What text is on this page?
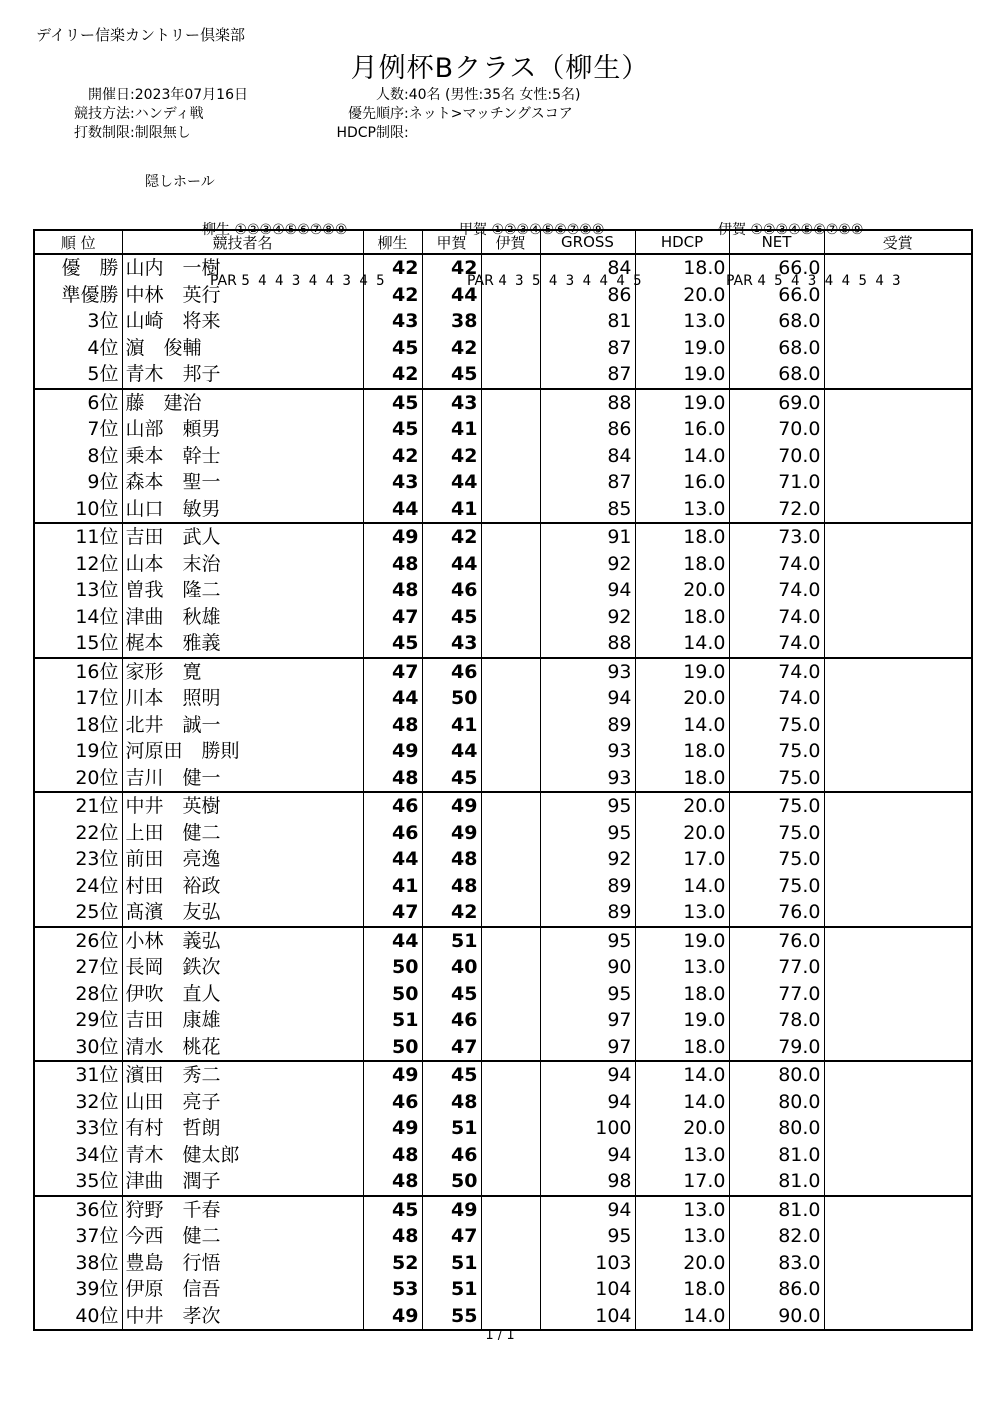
デイリー信楽カントリー倶楽部
月例杯Bクラス（柳生）
開催日 : 2023年07月16日
競技方法 : ハンディ戦
打数制限 : 制限無し
人数 : 40名 (男性:35名 女性:5名)
優先順序 : ネット>マッチングスコア
HDCP制限 :
隠しホール

柳生 ①②③④⑤⑥⑦⑧⑨

PAR 5 4 4 3 4 4 3 4 5

甲賀 ①②③④⑤⑥⑦⑧⑨

PAR 4 3 5 4 3 4 4 4 5

伊賀 ①②③④⑤⑥⑦⑧⑨

PAR 4 5 4 3 4 4 5 4 3

順 位	競技者名	柳生	甲賀	伊賀	GROSS	HDCP	NET	受賞
優　勝	山内　一樹	42	42		84	18.0	66.0	
準優勝	中林　英行	42	44		86	20.0	66.0	
3位	山崎　将来	43	38		81	13.0	68.0	
4位	濵　俊輔	45	42		87	19.0	68.0	
5位	青木　邦子	42	45		87	19.0	68.0	
6位	藤　建治	45	43		88	19.0	69.0	
7位	山部　頼男	45	41		86	16.0	70.0	
8位	乗本　幹士	42	42		84	14.0	70.0	
9位	森本　聖一	43	44		87	16.0	71.0	
10位	山口　敏男	44	41		85	13.0	72.0	
11位	吉田　武人	49	42		91	18.0	73.0	
12位	山本　末治	48	44		92	18.0	74.0	
13位	曽我　隆二	48	46		94	20.0	74.0	
14位	津曲　秋雄	47	45		92	18.0	74.0	
15位	梶本　雅義	45	43		88	14.0	74.0	
16位	家形　寛	47	46		93	19.0	74.0	
17位	川本　照明	44	50		94	20.0	74.0	
18位	北井　誠一	48	41		89	14.0	75.0	
19位	河原田　勝則	49	44		93	18.0	75.0	
20位	吉川　健一	48	45		93	18.0	75.0	
21位	中井　英樹	46	49		95	20.0	75.0	
22位	上田　健二	46	49		95	20.0	75.0	
23位	前田　亮逸	44	48		92	17.0	75.0	
24位	村田　裕政	41	48		89	14.0	75.0	
25位	髙濱　友弘	47	42		89	13.0	76.0	
26位	小林　義弘	44	51		95	19.0	76.0	
27位	長岡　鉄次	50	40		90	13.0	77.0	
28位	伊吹　直人	50	45		95	18.0	77.0	
29位	吉田　康雄	51	46		97	19.0	78.0	
30位	清水　桃花	50	47		97	18.0	79.0	
31位	濱田　秀二	49	45		94	14.0	80.0	
32位	山田　亮子	46	48		94	14.0	80.0	
33位	有村　哲朗	49	51		100	20.0	80.0	
34位	青木　健太郎	48	46		94	13.0	81.0	
35位	津曲　潤子	48	50		98	17.0	81.0	
36位	狩野　千春	45	49		94	13.0	81.0	
37位	今西　健二	48	47		95	13.0	82.0	
38位	豊島　行悟	52	51		103	20.0	83.0	
39位	伊原　信吾	53	51		104	18.0	86.0	
40位	中井　孝次	49	55		104	14.0	90.0	
1 / 1
